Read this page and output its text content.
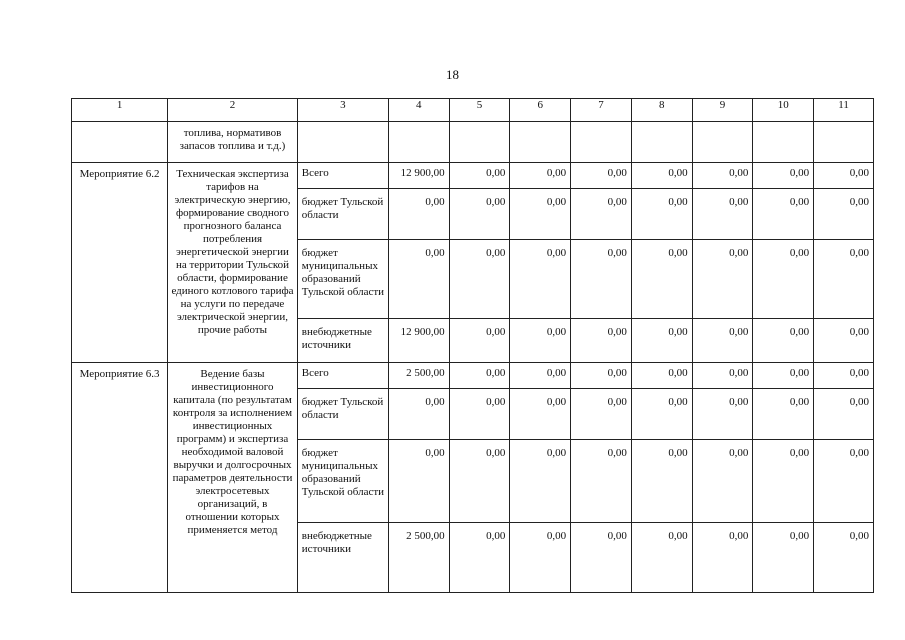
18
1	2	3	4	5	6	7	8	9	10	11
	топлива, нормативов запасов топлива и т.д.)									
Мероприятие 6.2	Техническая экспертиза тарифов на электрическую энергию, формирование сводного прогнозного баланса потребления энергетической энергии на территории Тульской области, формирование единого котлового тарифа на услуги по передаче электрической энергии, прочие работы	Всего	12 900,00	0,00	0,00	0,00	0,00	0,00	0,00	0,00
		бюджет Тульской области	0,00	0,00	0,00	0,00	0,00	0,00	0,00	0,00
		бюджет муниципальных образований Тульской области	0,00	0,00	0,00	0,00	0,00	0,00	0,00	0,00
		внебюджетные источники	12 900,00	0,00	0,00	0,00	0,00	0,00	0,00	0,00
Мероприятие 6.3	Ведение базы инвестиционного капитала (по результатам контроля за исполнением инвестиционных программ) и экспертиза необходимой валовой выручки и долгосрочных параметров деятельности электросетевых организаций, в отношении которых применяется метод	Всего	2 500,00	0,00	0,00	0,00	0,00	0,00	0,00	0,00
		бюджет Тульской области	0,00	0,00	0,00	0,00	0,00	0,00	0,00	0,00
		бюджет муниципальных образований Тульской области	0,00	0,00	0,00	0,00	0,00	0,00	0,00	0,00
		внебюджетные источники	2 500,00	0,00	0,00	0,00	0,00	0,00	0,00	0,00
